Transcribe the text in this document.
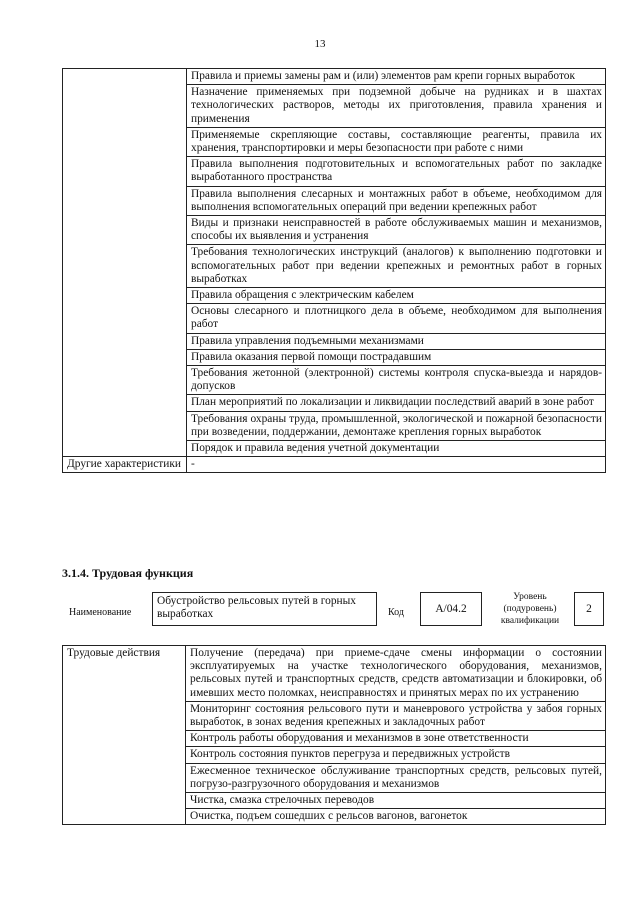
13
	Правила и приемы замены рам и (или) элементов рам крепи горных выработок
	Назначение применяемых при подземной добыче на рудниках и в шахтах технологических растворов, методы их приготовления, правила хранения и применения
	Применяемые скрепляющие составы, составляющие реагенты, правила их хранения, транспортировки и меры безопасности при работе с ними
	Правила выполнения подготовительных и вспомогательных работ по закладке выработанного пространства
	Правила выполнения слесарных и монтажных работ в объеме, необходимом для выполнения вспомогательных операций при ведении крепежных работ
	Виды и признаки неисправностей в работе обслуживаемых машин и механизмов, способы их выявления и устранения
	Требования технологических инструкций (аналогов) к выполнению подготовки и вспомогательных работ при ведении крепежных и ремонтных работ в горных выработках
	Правила обращения с электрическим кабелем
	Основы слесарного и плотницкого дела в объеме, необходимом для выполнения работ
	Правила управления подъемными механизмами
	Правила оказания первой помощи пострадавшим
	Требования жетонной (электронной) системы контроля спуска-выезда и нарядов-допусков
	План мероприятий по локализации и ликвидации последствий аварий в зоне работ
	Требования охраны труда, промышленной, экологической и пожарной безопасности при возведении, поддержании, демонтаже крепления горных выработок
	Порядок и правила ведения учетной документации
Другие характеристики	-
3.1.4. Трудовая функция
Наименование
Обустройство рельсовых путей в горных выработках	Код	А/04.2
Уровень (подуровень) квалификации
2
Трудовые действия	Получение (передача) при приеме-сдаче смены информации о состоянии эксплуатируемых на участке технологического оборудования, механизмов, рельсовых путей и транспортных средств, средств автоматизации и блокировки, об имевших место поломках, неисправностях и принятых мерах по их устранению
Мониторинг состояния рельсового пути и маневрового устройства у забоя горных выработок, в зонах ведения крепежных и закладочных работ
Контроль работы оборудования и механизмов в зоне ответственности
Контроль состояния пунктов перегруза и передвижных устройств
Ежесменное техническое обслуживание транспортных средств, рельсовых путей, погрузо-разгрузочного оборудования и механизмов
Чистка, смазка стрелочных переводов
Очистка, подъем сошедших с рельсов вагонов, вагонеток
